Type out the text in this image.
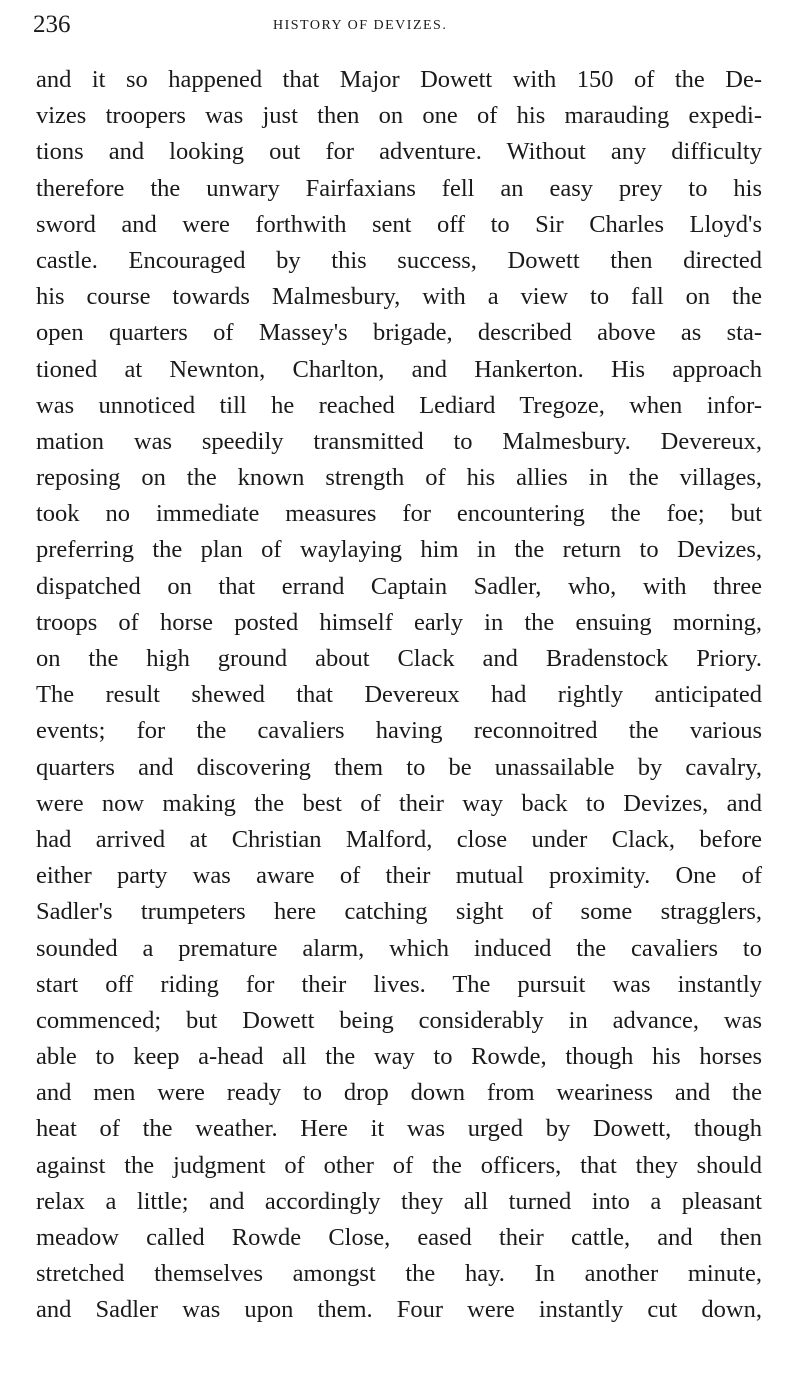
236	HISTORY OF DEVIZES.
and it so happened that Major Dowett with 150 of the De-
vizes troopers was just then on one of his marauding expedi-
tions and looking out for adventure. Without any difficulty
therefore the unwary Fairfaxians fell an easy prey to his
sword and were forthwith sent off to Sir Charles Lloyd's
castle. Encouraged by this success, Dowett then directed
his course towards Malmesbury, with a view to fall on the
open quarters of Massey's brigade, described above as sta-
tioned at Newnton, Charlton, and Hankerton. His approach
was unnoticed till he reached Lediard Tregoze, when infor-
mation was speedily transmitted to Malmesbury. Devereux,
reposing on the known strength of his allies in the villages,
took no immediate measures for encountering the foe; but
preferring the plan of waylaying him in the return to Devizes,
dispatched on that errand Captain Sadler, who, with three
troops of horse posted himself early in the ensuing morning,
on the high ground about Clack and Bradenstock Priory.
The result shewed that Devereux had rightly anticipated
events; for the cavaliers having reconnoitred the various
quarters and discovering them to be unassailable by cavalry,
were now making the best of their way back to Devizes, and
had arrived at Christian Malford, close under Clack, before
either party was aware of their mutual proximity. One of
Sadler's trumpeters here catching sight of some stragglers,
sounded a premature alarm, which induced the cavaliers to
start off riding for their lives. The pursuit was instantly
commenced; but Dowett being considerably in advance, was
able to keep a-head all the way to Rowde, though his horses
and men were ready to drop down from weariness and the
heat of the weather. Here it was urged by Dowett, though
against the judgment of other of the officers, that they should
relax a little; and accordingly they all turned into a pleasant
meadow called Rowde Close, eased their cattle, and then
stretched themselves amongst the hay. In another minute,
and Sadler was upon them. Four were instantly cut down,
